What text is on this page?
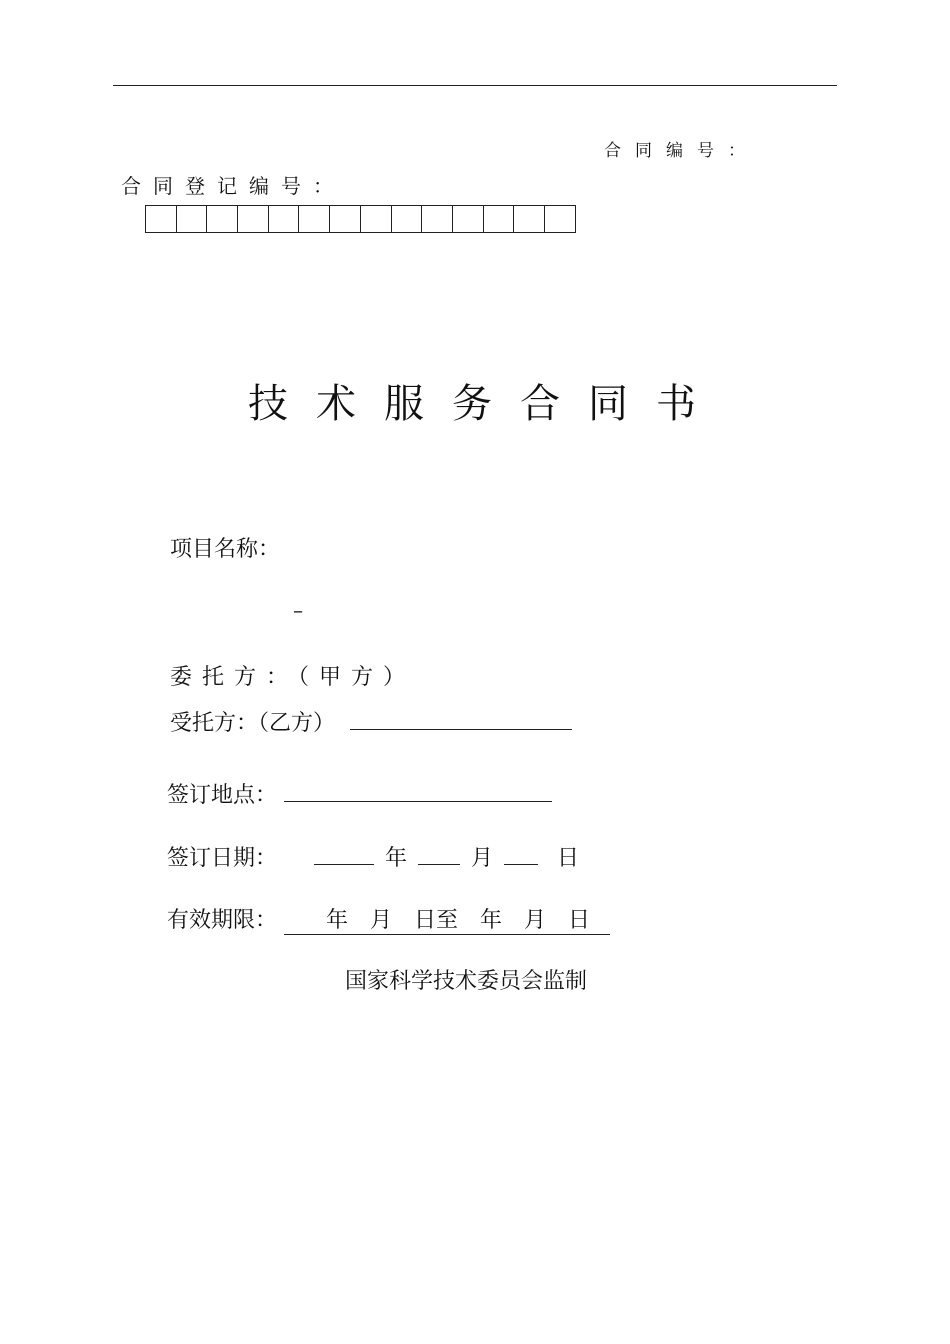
合同编号：
合同登记编号：
技术服务合同书
项目名称：
–
委托方：（甲方）
受托方：（乙方）
签订地点：
签订日期：	年	月	日
有效期限： 年　月　日至　年　月　日
国家科学技术委员会监制
